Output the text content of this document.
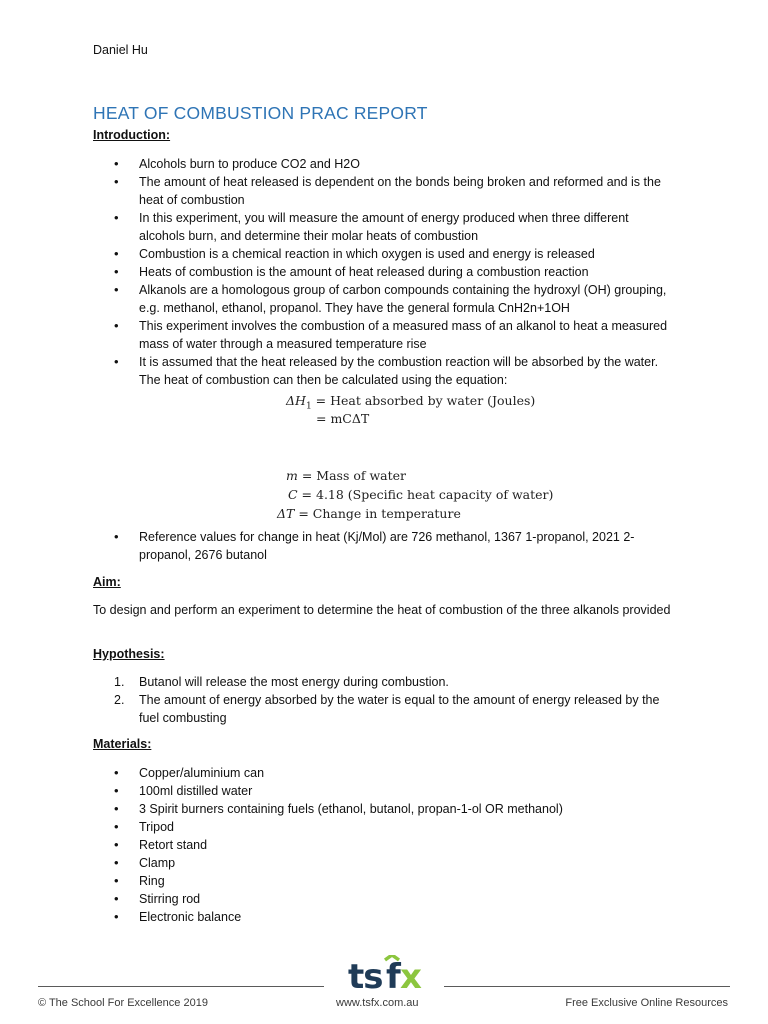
Daniel Hu
HEAT OF COMBUSTION PRAC REPORT
Introduction:
• Alcohols burn to produce CO2 and H2O
• The amount of heat released is dependent on the bonds being broken and reformed and is the heat of combustion
• In this experiment, you will measure the amount of energy produced when three different alcohols burn, and determine their molar heats of combustion
• Combustion is a chemical reaction in which oxygen is used and energy is released
• Heats of combustion is the amount of heat released during a combustion reaction
• Alkanols are a homologous group of carbon compounds containing the hydroxyl (OH) grouping, e.g. methanol, ethanol, propanol. They have the general formula CnH2n+1OH
• This experiment involves the combustion of a measured mass of an alkanol to heat a measured mass of water through a measured temperature rise
• It is assumed that the heat released by the combustion reaction will be absorbed by the water. The heat of combustion can then be calculated using the equation:
$\Delta H_1$ = Heat absorbed by water (Joules)
= mCΔT
m = Mass of water
C = 4.18 (Specific heat capacity of water)
ΔT = Change in temperature
• Reference values for change in heat (Kj/Mol) are 726 methanol, 1367 1-propanol, 2021 2-propanol, 2676 butanol
Aim:
To design and perform an experiment to determine the heat of combustion of the three alkanols provided
Hypothesis:
1. Butanol will release the most energy during combustion.
2. The amount of energy absorbed by the water is equal to the amount of energy released by the fuel combusting
Materials:
• Copper/aluminium can
• 100ml distilled water
• 3 Spirit burners containing fuels (ethanol, butanol, propan-1-ol OR methanol)
• Tripod
• Retort stand
• Clamp
• Ring
• Stirring rod
• Electronic balance
ts f x
© The School For Excellence 2019	www.tsfx.com.au	Free Exclusive Online Resources
